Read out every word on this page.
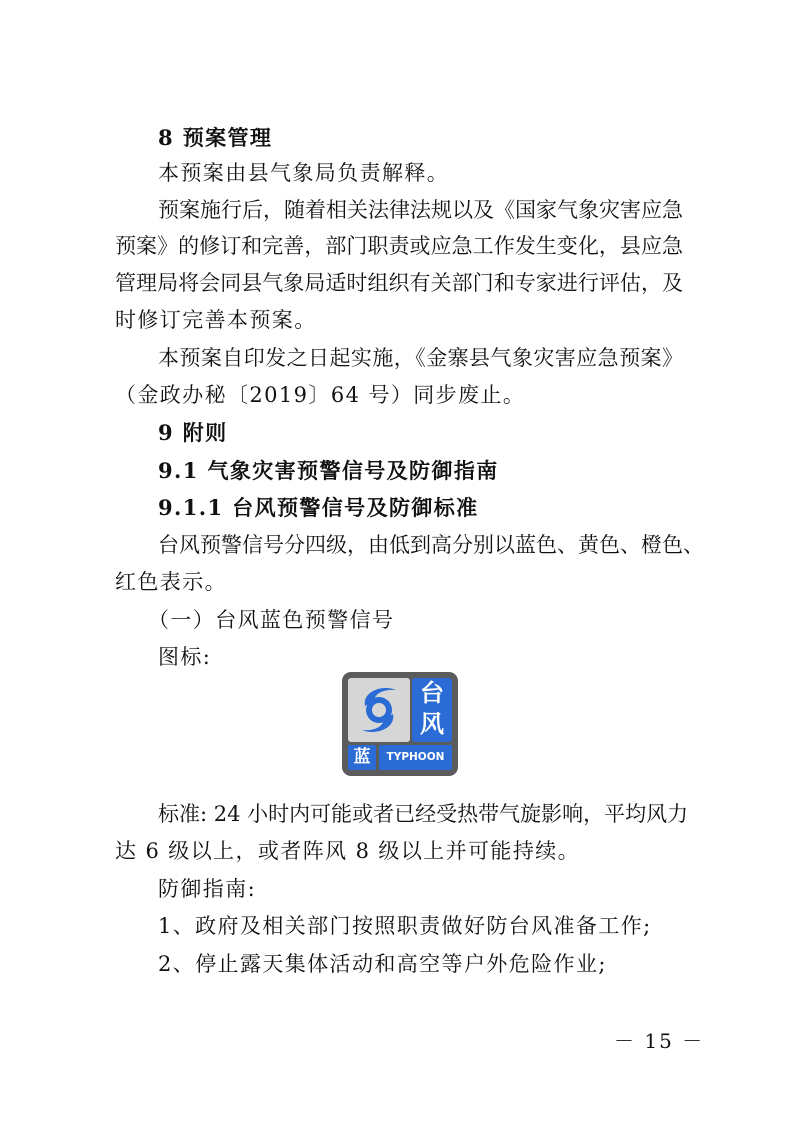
8 预案管理
本预案由县气象局负责解释。
预案施行后，随着相关法律法规以及《国家气象灾害应急
预案》的修订和完善，部门职责或应急工作发生变化，县应急
管理局将会同县气象局适时组织有关部门和专家进行评估，及
时修订完善本预案。
本预案自印发之日起实施，《金寨县气象灾害应急预案》
（金政办秘〔2019〕64 号）同步废止。
9 附则
9.1 气象灾害预警信号及防御指南
9.1.1 台风预警信号及防御标准
台风预警信号分四级，由低到高分别以蓝色、黄色、橙色、
红色表示。
（一）台风蓝色预警信号
图标:
台
风
蓝	TYPHOON
标准: 24 小时内可能或者已经受热带气旋影响，平均风力
达 6 级以上，或者阵风 8 级以上并可能持续。
防御指南:
1、政府及相关部门按照职责做好防台风准备工作;
2、停止露天集体活动和高空等户外危险作业;
－ 15 －
